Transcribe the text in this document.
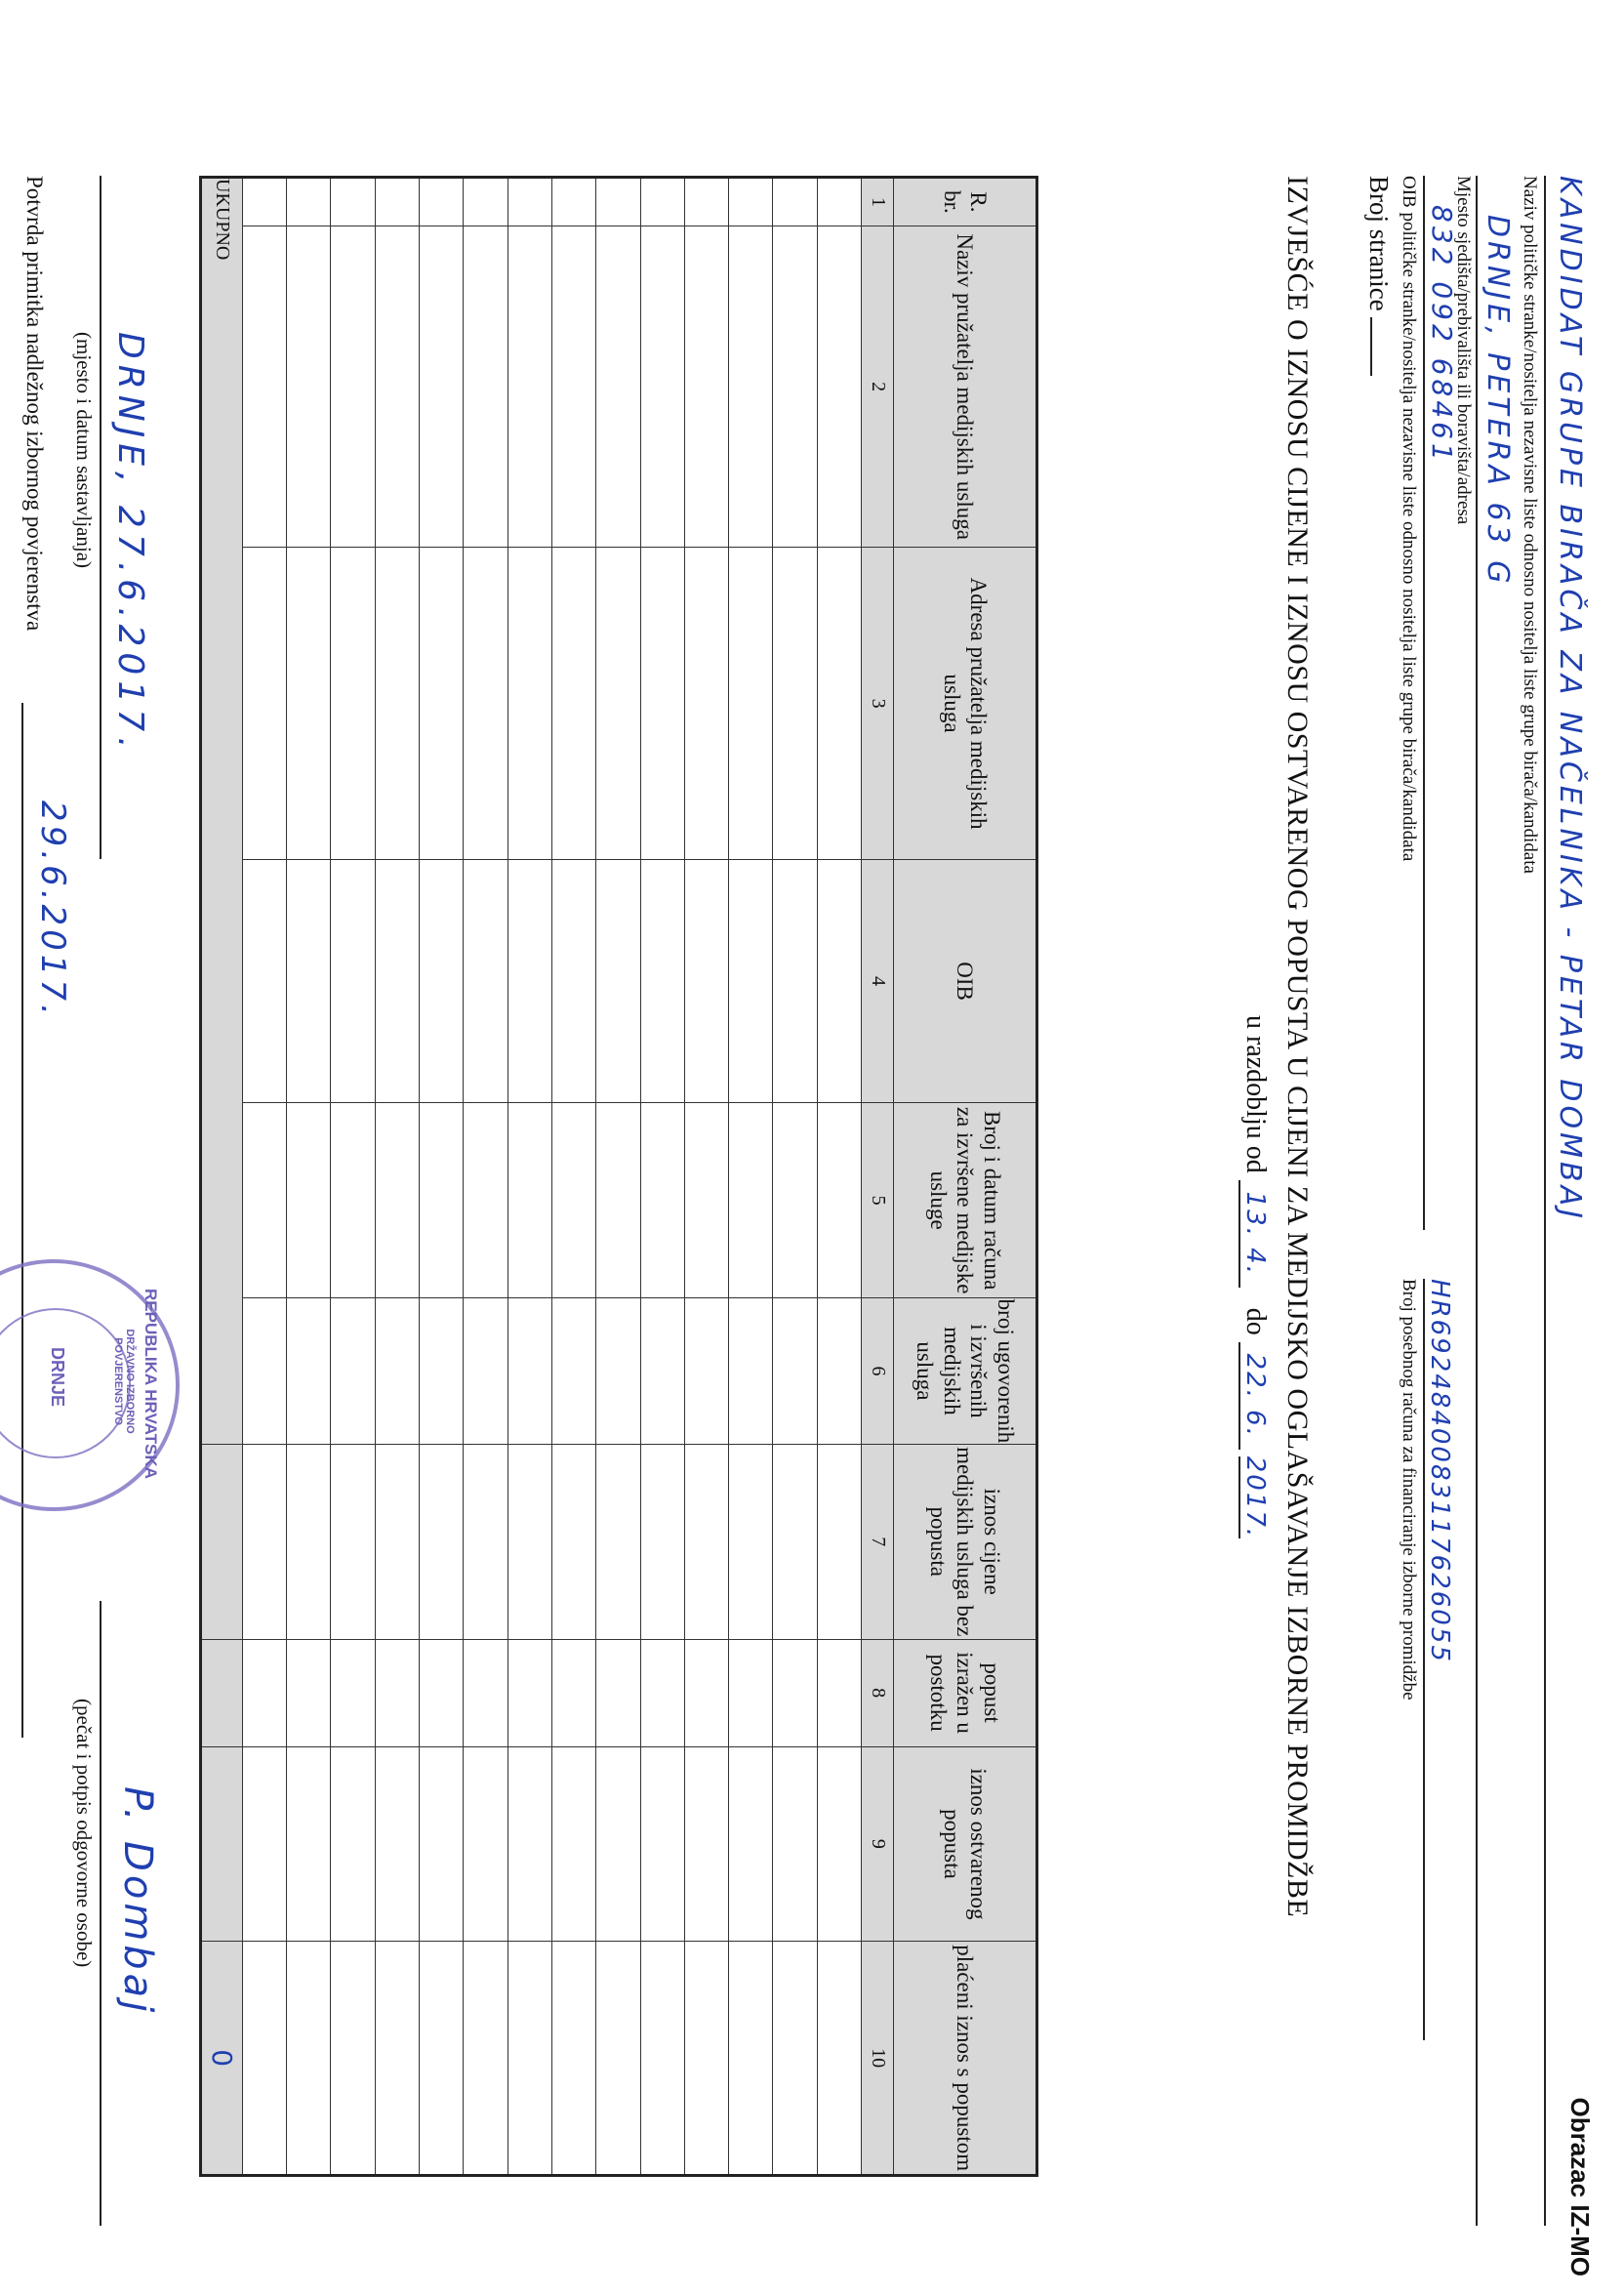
Obrazac IZ-MO
KANDIDAT GRUPE BIRAČA ZA NAČELNIKA - PETAR DOMBAJ
Naziv političke stranke/nositelja nezavisne liste odnosno nositelja liste grupe birača/kandidata
DRNJE, PETERA 63 G
Mjesto sjedišta/prebivališta ili boravišta/adresa
832 092 68461
OIB političke stranke/nositelja nezavisne liste odnosno nositelja liste grupe birača/kandidata
HR6924840083117626055
Broj posebnog računa za financiranje izborne promidžbe
Broj stranice
IZVJEŠĆE O IZNOSU CIJENE I IZNOSU OSTVARENOG POPUSTA U CIJENI ZA MEDIJSKO OGLAŠAVANJE IZBORNE PROMIDŽBE
u razdoblju od 13. 4.   do 22. 6. 2017.
R. br.	Naziv pružatelja medijskih usluga	Adresa pružatelja medijskih usluga	OIB	Broj i datum računa za izvršene medijske usluge	broj ugovorenih i izvršenih medijskih usluga	iznos cijene medijskih usluga bez popusta	popust izražen u postotku	iznos ostvarenog popusta	plaćeni iznos s popustom
1	2	3	4	5	6	7	8	9	10

UKUPNO									0
DRNJE, 27.6.2017.
(mjesto i datum sastavljanja)
P. Dombaj
(pečat i potpis odgovorne osobe)
Potvrda primitka nadležnog izbornog povjerenstva
29.6.2017.
REPUBLIKA HRVATSKA
DRŽAVNO IZBORNO POVJERENSTVO
DRNJE
